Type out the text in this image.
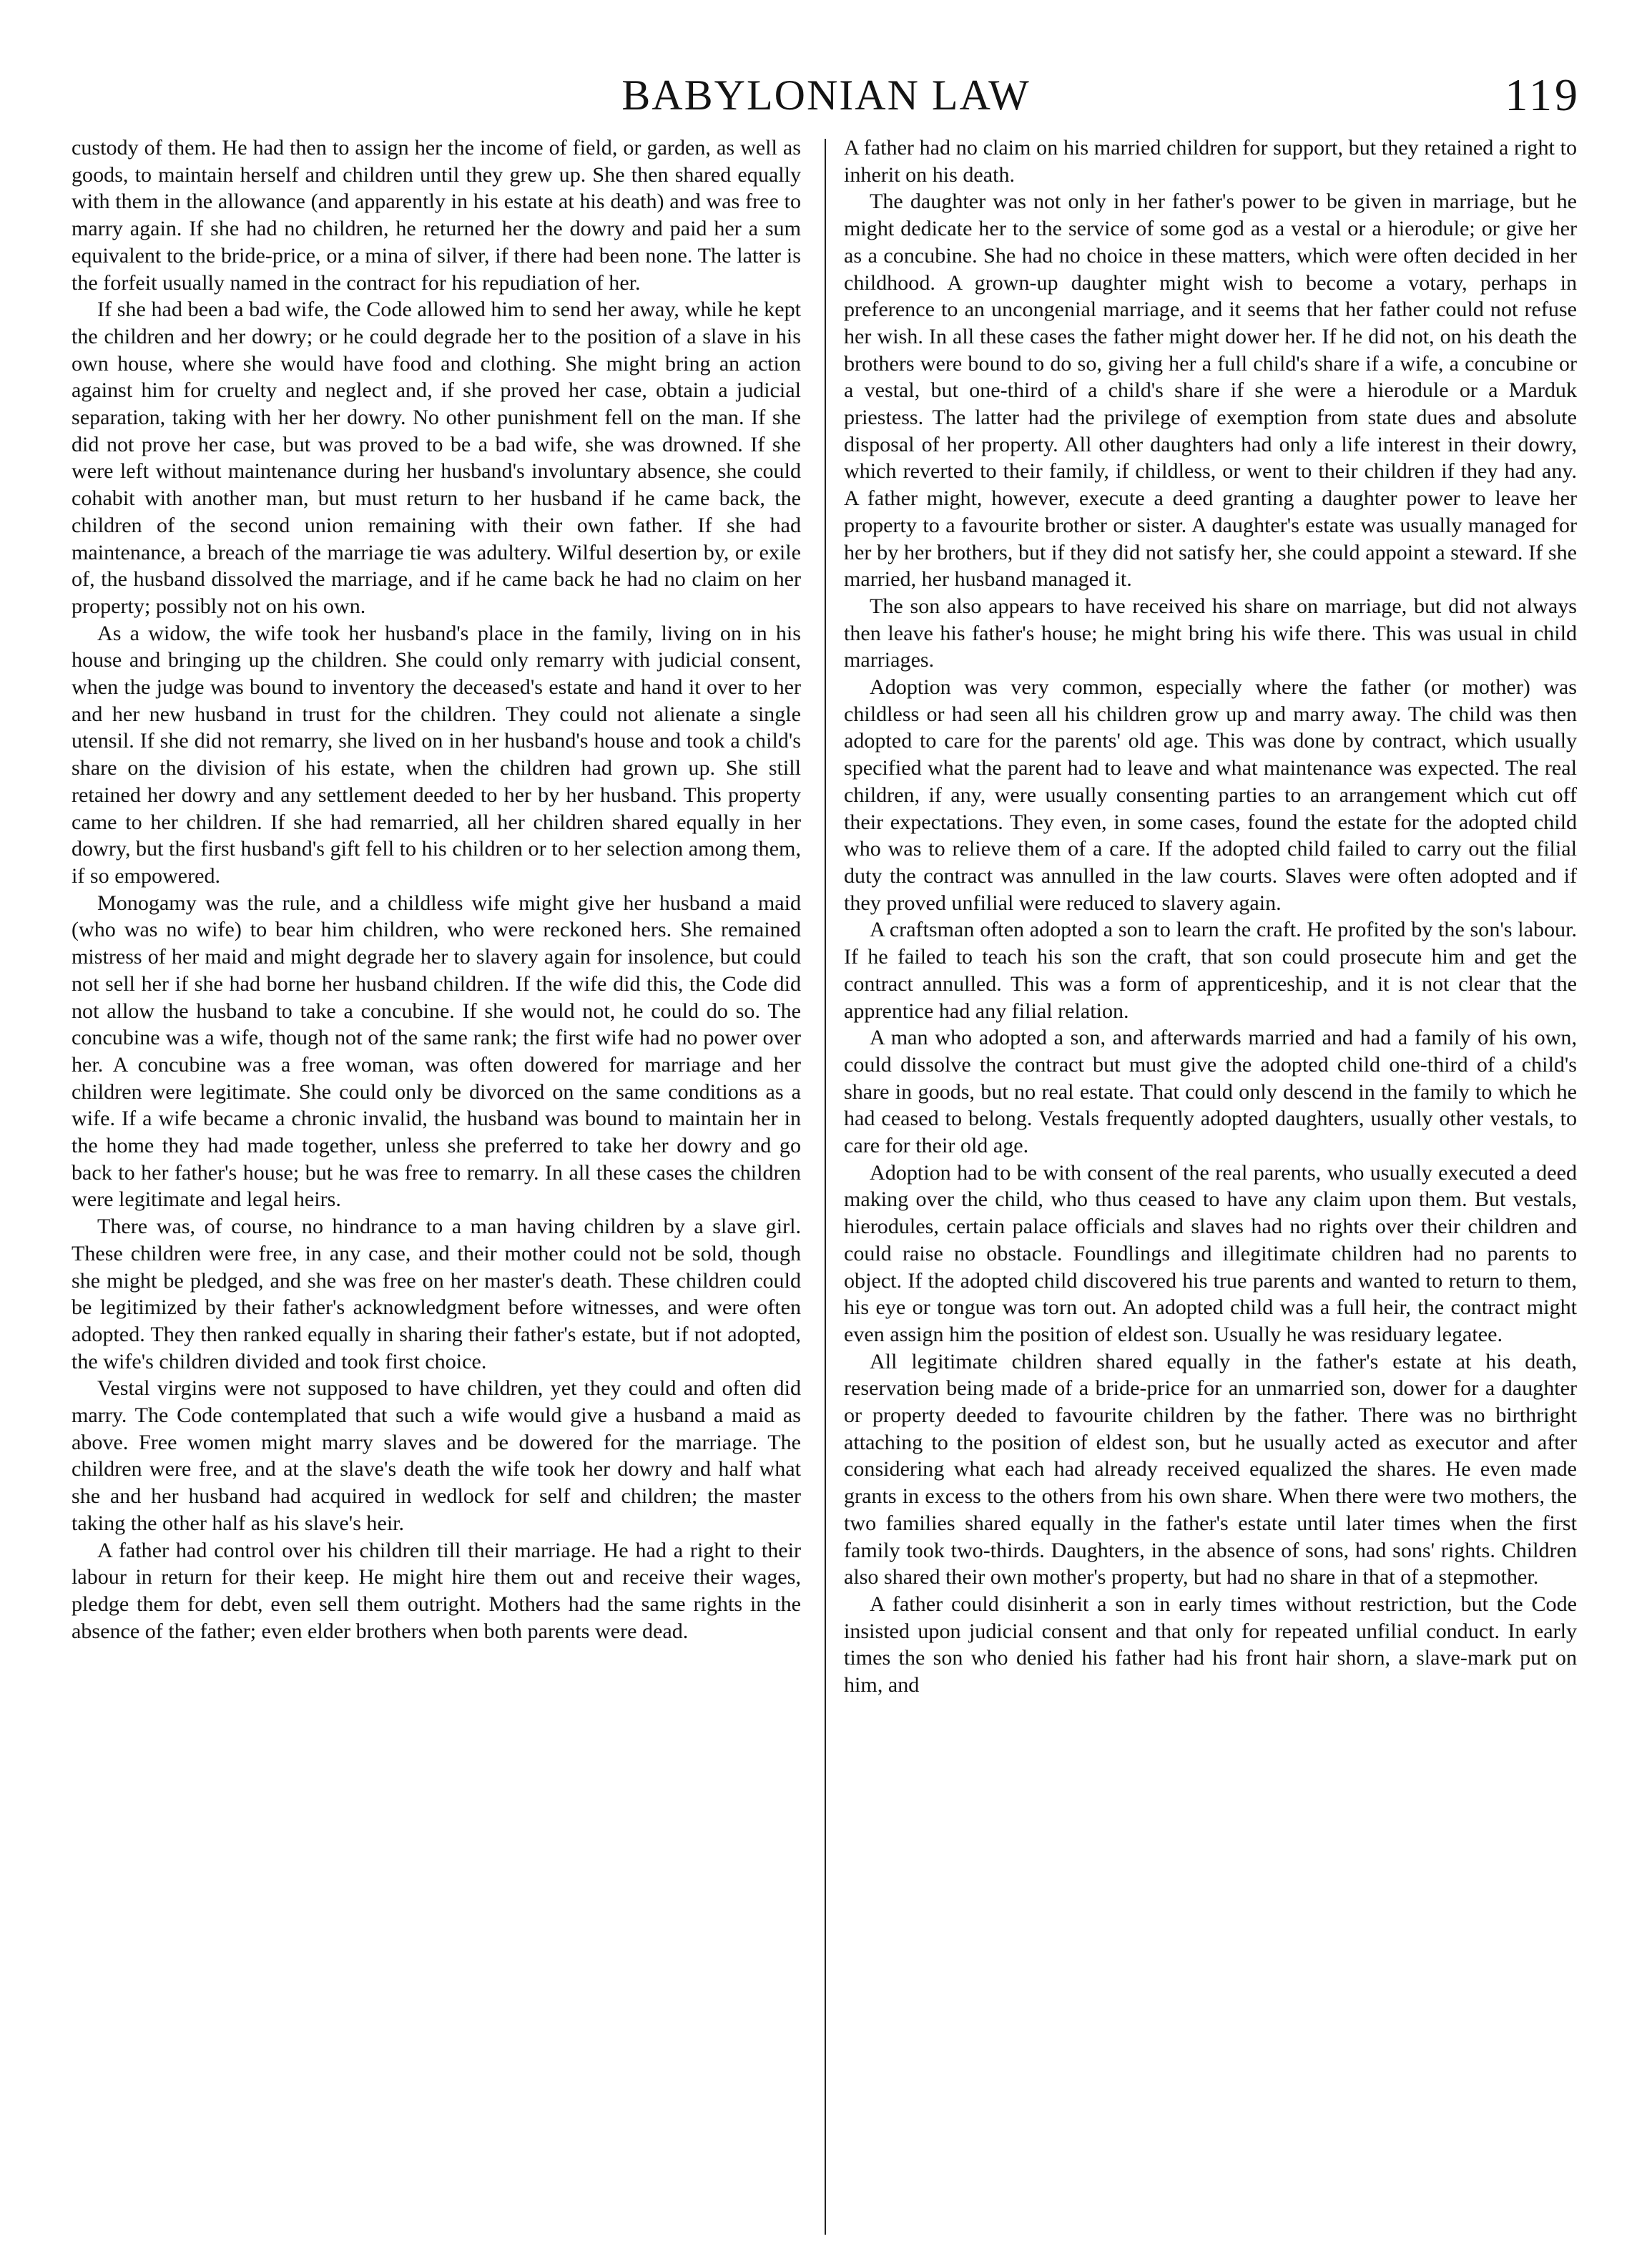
BABYLONIAN LAW	119

custody of them. He had then to assign her the income of field, or garden, as well as goods, to maintain herself and children until they grew up. She then shared equally with them in the allowance (and apparently in his estate at his death) and was free to marry again. If she had no children, he returned her the dowry and paid her a sum equivalent to the bride-price, or a mina of silver, if there had been none. The latter is the forfeit usually named in the contract for his repudiation of her.

If she had been a bad wife, the Code allowed him to send her away, while he kept the children and her dowry; or he could degrade her to the position of a slave in his own house, where she would have food and clothing. She might bring an action against him for cruelty and neglect and, if she proved her case, obtain a judicial separation, taking with her her dowry. No other punishment fell on the man. If she did not prove her case, but was proved to be a bad wife, she was drowned. If she were left without maintenance during her husband's involuntary absence, she could cohabit with another man, but must return to her husband if he came back, the children of the second union remaining with their own father. If she had maintenance, a breach of the marriage tie was adultery. Wilful desertion by, or exile of, the husband dissolved the marriage, and if he came back he had no claim on her property; possibly not on his own.

As a widow, the wife took her husband's place in the family, living on in his house and bringing up the children. She could only remarry with judicial consent, when the judge was bound to inventory the deceased's estate and hand it over to her and her new husband in trust for the children. They could not alienate a single utensil. If she did not remarry, she lived on in her husband's house and took a child's share on the division of his estate, when the children had grown up. She still retained her dowry and any settlement deeded to her by her husband. This property came to her children. If she had remarried, all her children shared equally in her dowry, but the first husband's gift fell to his children or to her selection among them, if so empowered.

Monogamy was the rule, and a childless wife might give her husband a maid (who was no wife) to bear him children, who were reckoned hers. She remained mistress of her maid and might degrade her to slavery again for insolence, but could not sell her if she had borne her husband children. If the wife did this, the Code did not allow the husband to take a concubine. If she would not, he could do so. The concubine was a wife, though not of the same rank; the first wife had no power over her. A concubine was a free woman, was often dowered for marriage and her children were legitimate. She could only be divorced on the same conditions as a wife. If a wife became a chronic invalid, the husband was bound to maintain her in the home they had made together, unless she preferred to take her dowry and go back to her father's house; but he was free to remarry. In all these cases the children were legitimate and legal heirs.

There was, of course, no hindrance to a man having children by a slave girl. These children were free, in any case, and their mother could not be sold, though she might be pledged, and she was free on her master's death. These children could be legitimized by their father's acknowledgment before witnesses, and were often adopted. They then ranked equally in sharing their father's estate, but if not adopted, the wife's children divided and took first choice.

Vestal virgins were not supposed to have children, yet they could and often did marry. The Code contemplated that such a wife would give a husband a maid as above. Free women might marry slaves and be dowered for the marriage. The children were free, and at the slave's death the wife took her dowry and half what she and her husband had acquired in wedlock for self and children; the master taking the other half as his slave's heir.

A father had control over his children till their marriage. He had a right to their labour in return for their keep. He might hire them out and receive their wages, pledge them for debt, even sell them outright. Mothers had the same rights in the absence of the father; even elder brothers when both parents were dead.

A father had no claim on his married children for support, but they retained a right to inherit on his death.

The daughter was not only in her father's power to be given in marriage, but he might dedicate her to the service of some god as a vestal or a hierodule; or give her as a concubine. She had no choice in these matters, which were often decided in her childhood. A grown-up daughter might wish to become a votary, perhaps in preference to an uncongenial marriage, and it seems that her father could not refuse her wish. In all these cases the father might dower her. If he did not, on his death the brothers were bound to do so, giving her a full child's share if a wife, a concubine or a vestal, but one-third of a child's share if she were a hierodule or a Marduk priestess. The latter had the privilege of exemption from state dues and absolute disposal of her property. All other daughters had only a life interest in their dowry, which reverted to their family, if childless, or went to their children if they had any. A father might, however, execute a deed granting a daughter power to leave her property to a favourite brother or sister. A daughter's estate was usually managed for her by her brothers, but if they did not satisfy her, she could appoint a steward. If she married, her husband managed it.

The son also appears to have received his share on marriage, but did not always then leave his father's house; he might bring his wife there. This was usual in child marriages.

Adoption was very common, especially where the father (or mother) was childless or had seen all his children grow up and marry away. The child was then adopted to care for the parents' old age. This was done by contract, which usually specified what the parent had to leave and what maintenance was expected. The real children, if any, were usually consenting parties to an arrangement which cut off their expectations. They even, in some cases, found the estate for the adopted child who was to relieve them of a care. If the adopted child failed to carry out the filial duty the contract was annulled in the law courts. Slaves were often adopted and if they proved unfilial were reduced to slavery again.

A craftsman often adopted a son to learn the craft. He profited by the son's labour. If he failed to teach his son the craft, that son could prosecute him and get the contract annulled. This was a form of apprenticeship, and it is not clear that the apprentice had any filial relation.

A man who adopted a son, and afterwards married and had a family of his own, could dissolve the contract but must give the adopted child one-third of a child's share in goods, but no real estate. That could only descend in the family to which he had ceased to belong. Vestals frequently adopted daughters, usually other vestals, to care for their old age.

Adoption had to be with consent of the real parents, who usually executed a deed making over the child, who thus ceased to have any claim upon them. But vestals, hierodules, certain palace officials and slaves had no rights over their children and could raise no obstacle. Foundlings and illegitimate children had no parents to object. If the adopted child discovered his true parents and wanted to return to them, his eye or tongue was torn out. An adopted child was a full heir, the contract might even assign him the position of eldest son. Usually he was residuary legatee.

All legitimate children shared equally in the father's estate at his death, reservation being made of a bride-price for an unmarried son, dower for a daughter or property deeded to favourite children by the father. There was no birthright attaching to the position of eldest son, but he usually acted as executor and after considering what each had already received equalized the shares. He even made grants in excess to the others from his own share. When there were two mothers, the two families shared equally in the father's estate until later times when the first family took two-thirds. Daughters, in the absence of sons, had sons' rights. Children also shared their own mother's property, but had no share in that of a stepmother.

A father could disinherit a son in early times without restriction, but the Code insisted upon judicial consent and that only for repeated unfilial conduct. In early times the son who denied his father had his front hair shorn, a slave-mark put on him, and
